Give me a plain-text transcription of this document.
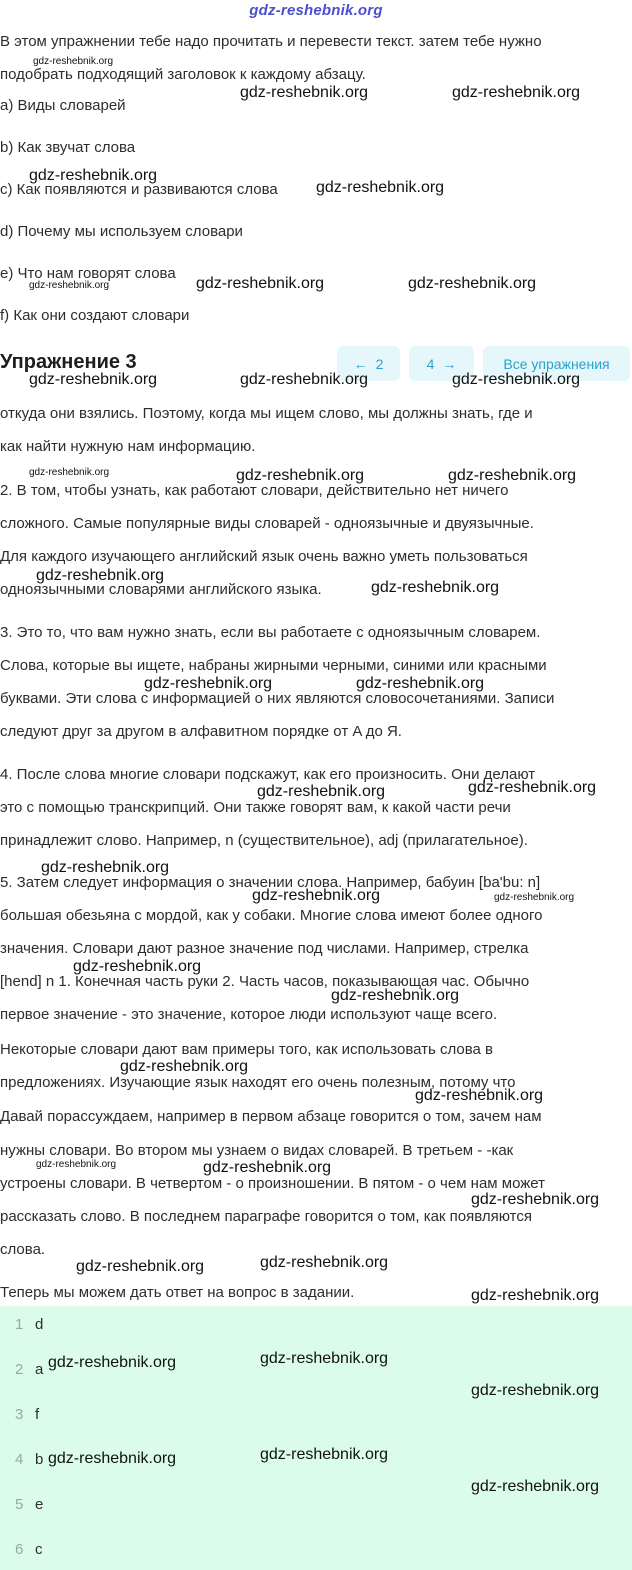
gdz-reshebnik.org
В этом упражнении тебе надо прочитать и перевести текст. затем тебе нужно
подобрать подходящий заголовок к каждому абзацу.
а) Виды словарей
b) Как звучат слова
c) Как появляются и развиваются слова
d) Почему мы используем словари
e) Что нам говорят слова
f) Как они создают словари
Упражнение 3	← 2	4 →	Все упражнения
откуда они взялись. Поэтому, когда мы ищем слово, мы должны знать, где и
как найти нужную нам информацию.
2. В том, чтобы узнать, как работают словари, действительно нет ничего
сложного. Самые популярные виды словарей - одноязычные и двуязычные.
Для каждого изучающего английский язык очень важно уметь пользоваться
одноязычными словарями английского языка.
3. Это то, что вам нужно знать, если вы работаете с одноязычным словарем.
Слова, которые вы ищете, набраны жирными черными, синими или красными
буквами. Эти слова с информацией о них являются словосочетаниями. Записи
следуют друг за другом в алфавитном порядке от A до Я.
4. После слова многие словари подскажут, как его произносить. Они делают
это с помощью транскрипций. Они также говорят вам, к какой части речи
принадлежит слово. Например, n (существительное), adj (прилагательное).
5. Затем следует информация о значении слова. Например, бабуин [ba'bu: n]
большая обезьяна с мордой, как у собаки. Многие слова имеют более одного
значения. Словари дают разное значение под числами. Например, стрелка
[hend] n 1. Конечная часть руки 2. Часть часов, показывающая час. Обычно
первое значение - это значение, которое люди используют чаще всего.
Некоторые словари дают вам примеры того, как использовать слова в
предложениях. Изучающие язык находят его очень полезным, потому что
Давай порассуждаем, например в первом абзаце говорится о том, зачем нам
нужны словари. Во втором мы узнаем о видах словарей. В третьем - -как
устроены словари. В четвертом - о произношении. В пятом - о чем нам может
рассказать слово. В последнем параграфе говорится о том, как появляются
слова.
Теперь мы можем дать ответ на вопрос в задании.
1 d
2 a
3 f
4 b
5 e
6 c
gdz-reshebnik.org
gdz-reshebnik.org	gdz-reshebnik.org
gdz-reshebnik.org
gdz-reshebnik.org
gdz-reshebnik.org	gdz-reshebnik.org	gdz-reshebnik.org
gdz-reshebnik.org	gdz-reshebnik.org	gdz-reshebnik.org
gdz-reshebnik.org	gdz-reshebnik.org	gdz-reshebnik.org
gdz-reshebnik.org
gdz-reshebnik.org
gdz-reshebnik.org	gdz-reshebnik.org
gdz-reshebnik.org	gdz-reshebnik.org
gdz-reshebnik.org
gdz-reshebnik.org	gdz-reshebnik.org
gdz-reshebnik.org
gdz-reshebnik.org
gdz-reshebnik.org
gdz-reshebnik.org
gdz-reshebnik.org	gdz-reshebnik.org
gdz-reshebnik.org
gdz-reshebnik.org	gdz-reshebnik.org
gdz-reshebnik.org
gdz-reshebnik.org	gdz-reshebnik.org
gdz-reshebnik.org
gdz-reshebnik.org	gdz-reshebnik.org
gdz-reshebnik.org
